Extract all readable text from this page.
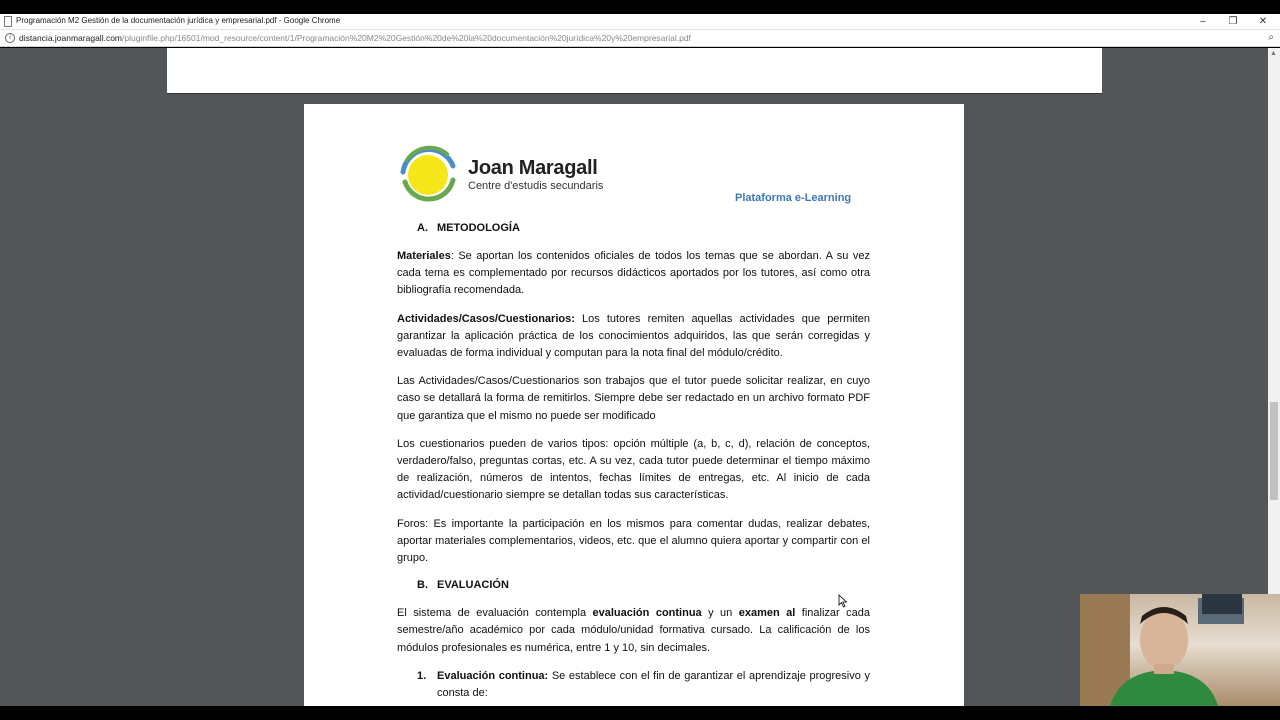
Programación M2 Gestión de la documentación jurídica y empresarial.pdf - Google Chrome	–	❐	✕
i distancia.joanmaragall.com/pluginfile.php/16501/mod_resource/content/1/Programación%20M2%20Gestión%20de%20la%20documentación%20jurídica%20y%20empresarial.pdf	⌕
Joan Maragall
Centre d'estudis secundaris
Plataforma e-Learning
A. METODOLOGÍA
Materiales: Se aportan los contenidos oficiales de todos los temas que se abordan. A su vez cada tema es complementado por recursos didácticos aportados por los tutores, así como otra bibliografía recomendada.
Actividades/Casos/Cuestionarios: Los tutores remiten aquellas actividades que permiten garantizar la aplicación práctica de los conocimientos adquiridos, las que serán corregidas y evaluadas de forma individual y computan para la nota final del módulo/crédito.
Las Actividades/Casos/Cuestionarios son trabajos que el tutor puede solicitar realizar, en cuyo caso se detallará la forma de remitirlos. Siempre debe ser redactado en un archivo formato PDF que garantiza que el mismo no puede ser modificado
Los cuestionarios pueden de varios tipos: opción múltiple (a, b, c, d), relación de conceptos, verdadero/falso, preguntas cortas, etc. A su vez, cada tutor puede determinar el tiempo máximo de realización, números de intentos, fechas límites de entregas, etc. Al inicio de cada actividad/cuestionario siempre se detallan todas sus características.
Foros: Es importante la participación en los mismos para comentar dudas, realizar debates, aportar materiales complementarios, videos, etc. que el alumno quiera aportar y compartir con el grupo.
B. EVALUACIÓN
El sistema de evaluación contempla evaluación continua y un examen al finalizar cada semestre/año académico por cada módulo/unidad formativa cursado. La calificación de los módulos profesionales es numérica, entre 1 y 10, sin decimales.
1. Evaluación continua: Se establece con el fin de garantizar el aprendizaje progresivo y consta de:
▲
